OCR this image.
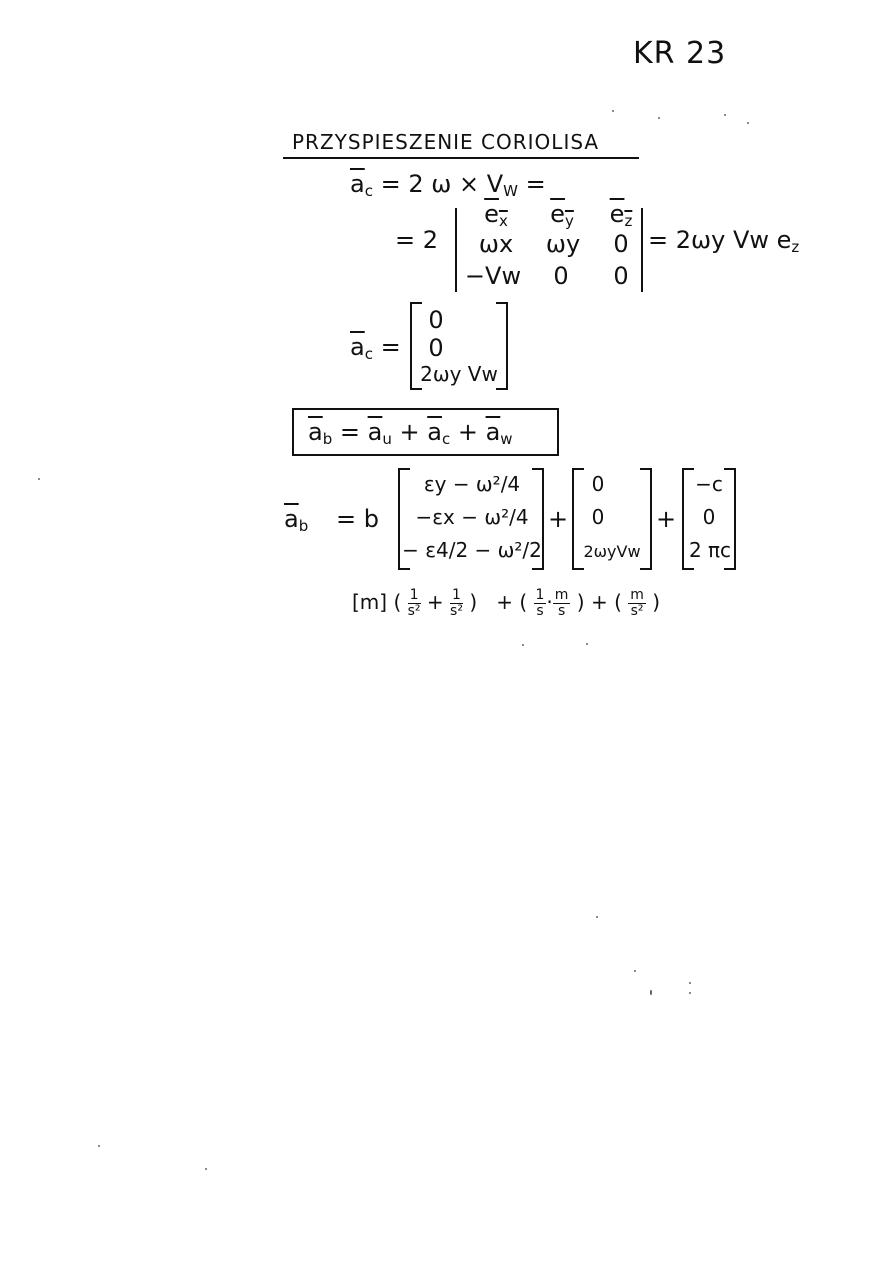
KR 23
PRZYSPIESZENIE CORIOLISA
$\overline{a}_c = 2$ $\omega \times V_W$ =
= 2
$e_x$	$e_y$	$e_z$
ωx	ωy	0
−Vw	0	0
= 2ωy Vw $e_z$
$\overline{a}_c$ =
0
0
2ωy Vw
$\overline{a}_b = \overline{a}_u + \overline{a}_c + \overline{a}_w$
$\overline{a}_b = b$
εy − ω²/4
−εx − ω²/4
− ε4/2 − ω²/2
+
0
0
2ωyVw
+
−c
0
2 πc
[m] ( $\frac{1}{\text{s²}} + \frac{1}{\text{s²}}$ ) + ( $\frac{1}{s} \cdot \frac{m}{s}$ ) + ( $\frac{m}{\text{s²}}$ )
